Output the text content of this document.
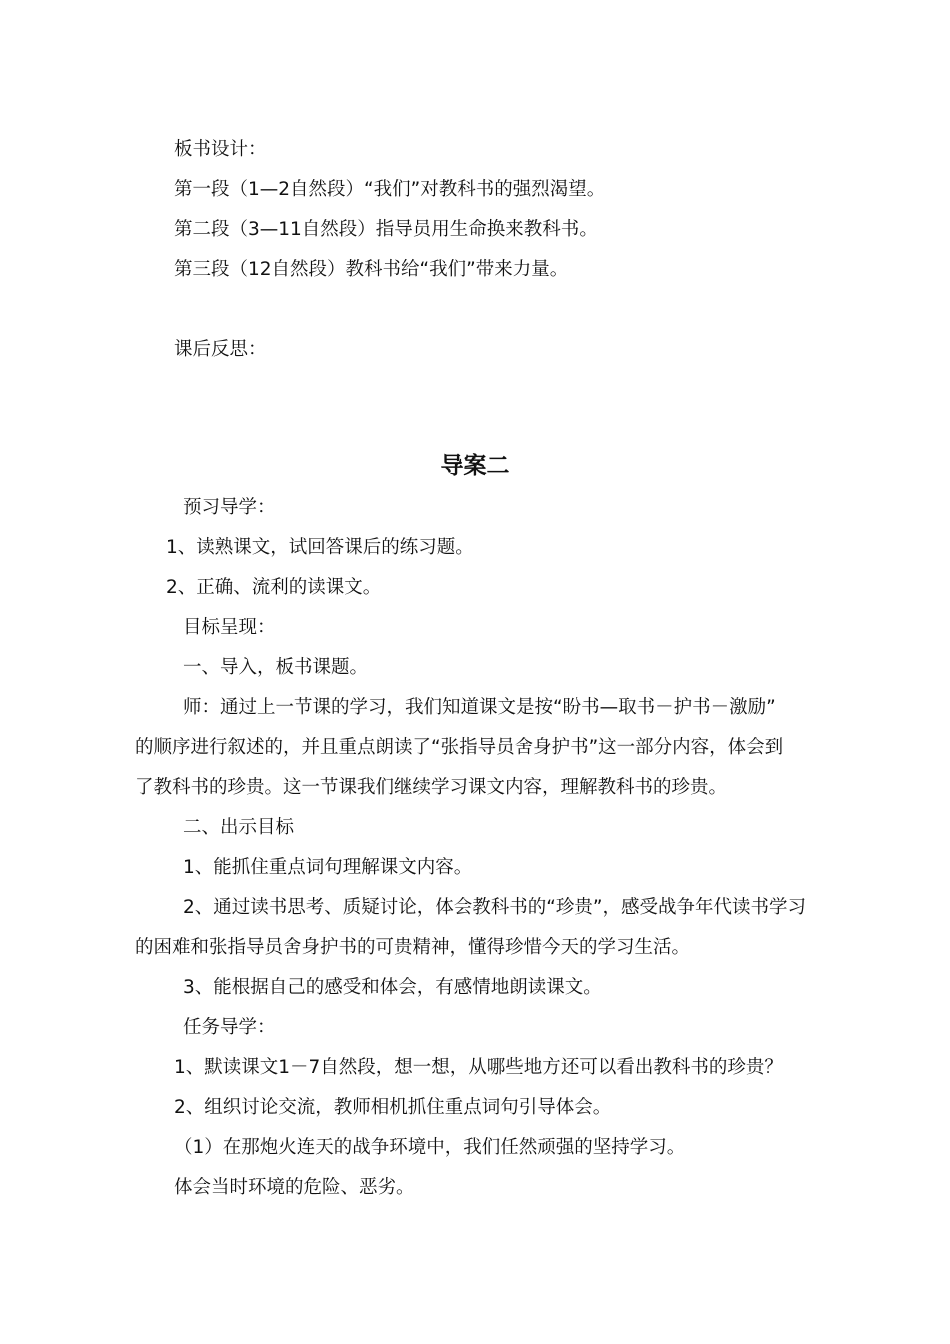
板书设计：
第一段（1—2自然段）“我们”对教科书的强烈渴望。
第二段（3—11自然段）指导员用生命换来教科书。
第三段（12自然段）教科书给“我们”带来力量。
课后反思：
导案二
预习导学：
1、读熟课文，试回答课后的练习题。
2、正确、流利的读课文。
目标呈现：
一、导入，板书课题。
师：通过上一节课的学习，我们知道课文是按“盼书—取书－护书－激励”
的顺序进行叙述的，并且重点朗读了“张指导员舍身护书”这一部分内容，体会到
了教科书的珍贵。这一节课我们继续学习课文内容，理解教科书的珍贵。
二、出示目标
1、能抓住重点词句理解课文内容。
2、通过读书思考、质疑讨论，体会教科书的“珍贵”，感受战争年代读书学习
的困难和张指导员舍身护书的可贵精神，懂得珍惜今天的学习生活。
3、能根据自己的感受和体会，有感情地朗读课文。
任务导学：
1、默读课文1－7自然段，想一想，从哪些地方还可以看出教科书的珍贵？
2、组织讨论交流，教师相机抓住重点词句引导体会。
（1）在那炮火连天的战争环境中，我们任然顽强的坚持学习。
体会当时环境的危险、恶劣。
